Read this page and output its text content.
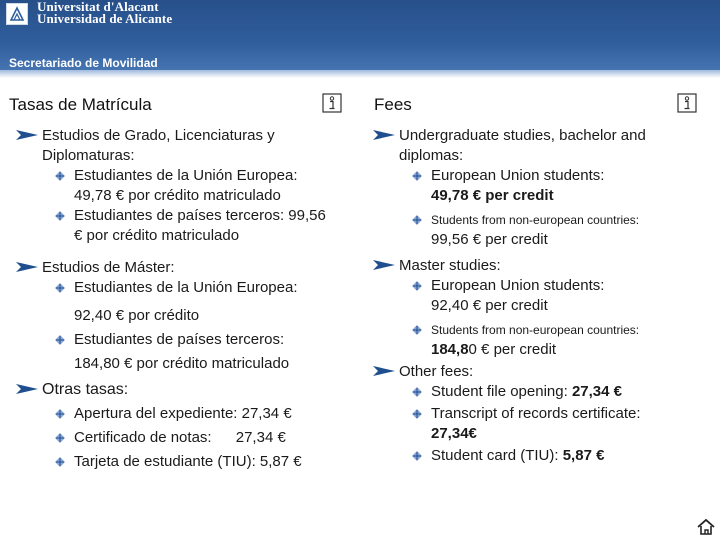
Universitat d'Alacant
Universidad de Alicante
Secretariado de Movilidad
Tasas de Matrícula	Fees
Estudios de Grado, Licenciaturas y
Diplomaturas:
Estudiantes de la Unión Europea:
49,78 € por crédito matriculado
Estudiantes de países terceros: 99,56
€ por crédito matriculado
Estudios de Máster:
Estudiantes de la Unión Europea:
92,40 € por crédito
Estudiantes de países terceros:
184,80 € por crédito matriculado
Otras tasas:
Apertura del expediente: 27,34 €
Certificado de notas: 27,34 €
Tarjeta de estudiante (TIU): 5,87 €
Undergraduate studies, bachelor and
diplomas:
European Union students:
49,78 € per credit
Students from non-european countries:
99,56 € per credit
Master studies:
European Union students:
92,40 € per credit
Students from non-european countries:
184,80 € per credit
Other fees:
Student file opening: 27,34 €
Transcript of records certificate:
27,34€
Student card (TIU): 5,87 €
